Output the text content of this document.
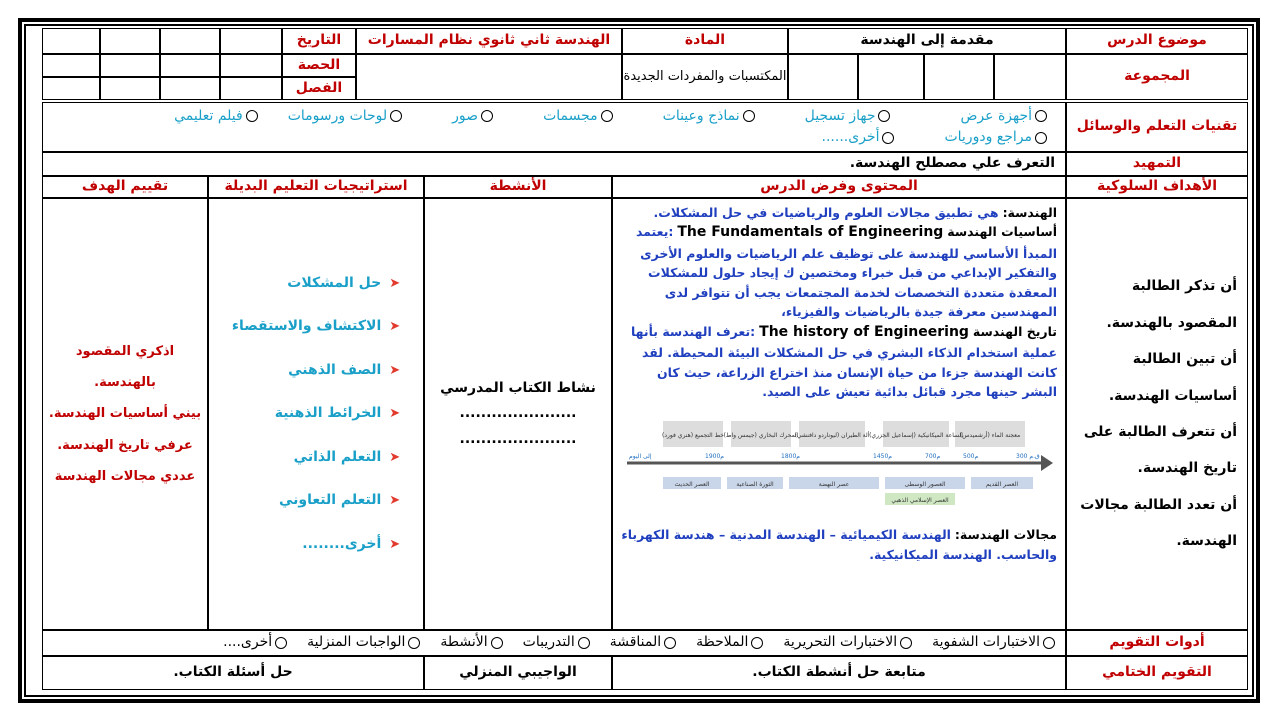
موضوع الدرس
مقدمة إلى الهندسة
المادة
الهندسة ثاني ثانوي نظام المسارات
التاريخ
المجموعة
المكتسبات والمفردات الجديدة
الحصة
الفصل
تقنيات التعلم والوسائل
أجهزة عرض
جهاز تسجيل
نماذج وعينات
مجسمات
صور
لوحات ورسومات
فيلم تعليمي
مراجع ودوريات
أخرى......
التمهيد
التعرف علي مصطلح الهندسة.
الأهداف السلوكية
المحتوى وفرض الدرس
الأنشطة
استراتيجيات التعليم البديلة
تقييم الهدف
أن تذكر الطالبة
المقصود بالهندسة.
أن تبين الطالبة
أساسيات الهندسة.
أن تتعرف الطالبة على
تاريخ الهندسة.
أن تعدد الطالبة مجالات
الهندسة.
الهندسة: هي تطبيق مجالات العلوم والرياضيات في حل المشكلات.
أساسيات الهندسة The Fundamentals of Engineering :يعتمد المبدأ الأساسي للهندسة على توظيف علم الرياضيات والعلوم الأخرى والتفكير الإبداعي من قبل خبراء ومختصين ك إيجاد حلول للمشكلات المعقدة متعددة التخصصات لخدمة المجتمعات يجب أن تتوافر لدى المهندسين معرفة جيدة بالرياضيات والفيزياء،
تاريخ الهندسة The history of Engineering :تعرف الهندسة بأنها عملية استخدام الذكاء البشري في حل المشكلات البيئة المحيطة. لقد كانت الهندسة جزءا من حياة الإنسان منذ اختراع الزراعة، حيث كان البشر حينها مجرد قبائل بدائية تعيش على الصيد.
معجنة الماء (أرشميدس)
الساعة الميكانيكية (إسماعيل الجزري)
ألة الطيران (ليوناردو دافنشي)
المحرك البخاري (جيمس واط)
خط التجميع (هنري فورد)
300 ق.م
500م
700م
1450م
1800م
1900م
إلى اليوم
العصر القديم
العصور الوسطى
عصر النهضة
الثورة الصناعية
العصر الحديث
العصر الإسلامي الذهبي
مجالات الهندسة: الهندسة الكيميائية – الهندسة المدنية – هندسة الكهرباء والحاسب. الهندسة الميكانيكية.
نشاط الكتاب المدرسي
......................
......................
➤حل المشكلات
➤الاكتشاف والاستقصاء
➤الصف الذهني
➤الخرائط الذهنية
➤التعلم الذاتي
➤التعلم التعاوني
➤أخرى........
اذكري المقصود
بالهندسة.
بيني أساسيات الهندسة.
عرفي تاريخ الهندسة.
عددي مجالات الهندسة
أدوات التقويم
الاختبارات الشفوية
الاختبارات التحريرية
الملاحظة
المناقشة
التدريبات
الأنشطة
الواجبات المنزلية
أخرى....
التقويم الختامي
متابعة حل أنشطة الكتاب.
الواجيبي المنزلي
حل أسئلة الكتاب.
